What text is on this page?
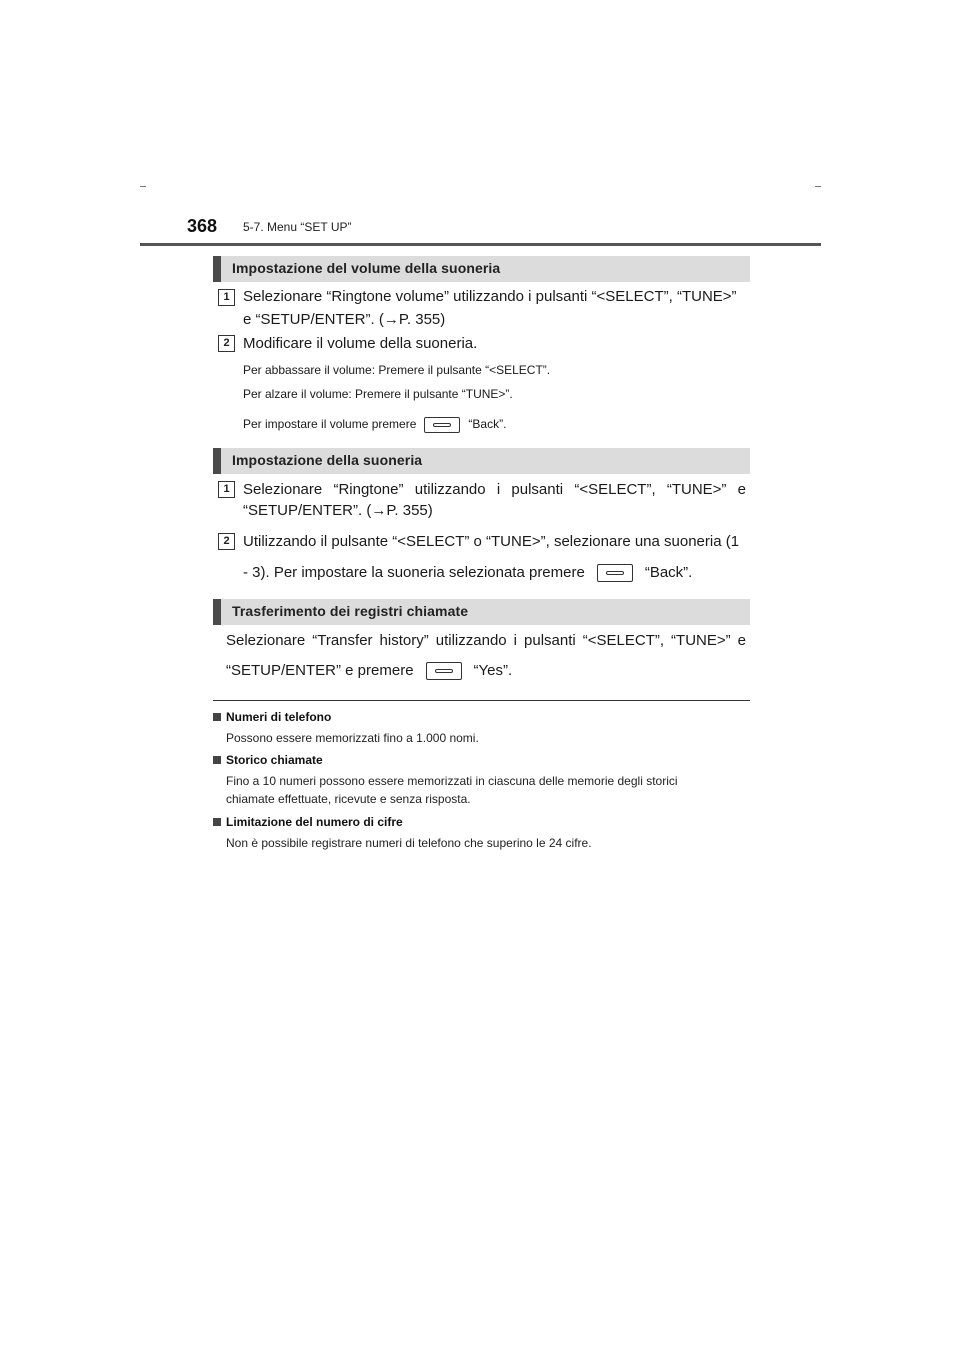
368 5-7. Menu “SET UP”
Impostazione del volume della suoneria
1 Selezionare “Ringtone volume” utilizzando i pulsanti “<SELECT”, “TUNE>”
e “SETUP/ENTER”. (→P. 355)
2 Modificare il volume della suoneria.
Per abbassare il volume: Premere il pulsante “<SELECT”.
Per alzare il volume: Premere il pulsante “TUNE>”.
Per impostare il volume premere	“Back”.
Impostazione della suoneria
1 Selezionare “Ringtone” utilizzando i pulsanti “<SELECT”, “TUNE>” e
“SETUP/ENTER”. (→P. 355)
2 Utilizzando il pulsante “<SELECT” o “TUNE>”, selezionare una suoneria (1
- 3). Per impostare la suoneria selezionata premere	“Back”.
Trasferimento dei registri chiamate
Selezionare “Transfer history” utilizzando i pulsanti “<SELECT”, “TUNE>” e
“SETUP/ENTER” e premere	“Yes”.
Numeri di telefono
Possono essere memorizzati fino a 1.000 nomi.
Storico chiamate
Fino a 10 numeri possono essere memorizzati in ciascuna delle memorie degli storici
chiamate effettuate, ricevute e senza risposta.
Limitazione del numero di cifre
Non è possibile registrare numeri di telefono che superino le 24 cifre.
